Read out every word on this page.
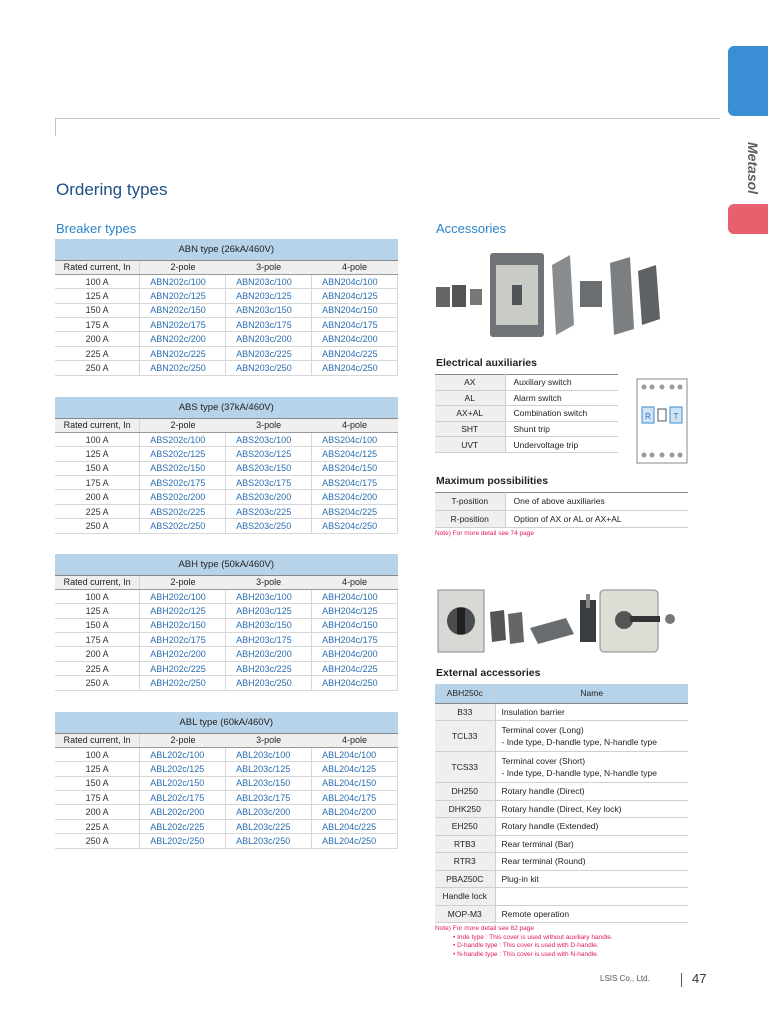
Metasol
Ordering types
Breaker types	Accessories
ABN type (26kA/460V)			
Rated current, In	2-pole	3-pole	4-pole
100 A	ABN202c/100	ABN203c/100	ABN204c/100
125 A	ABN202c/125	ABN203c/125	ABN204c/125
150 A	ABN202c/150	ABN203c/150	ABN204c/150
175 A	ABN202c/175	ABN203c/175	ABN204c/175
200 A	ABN202c/200	ABN203c/200	ABN204c/200
225 A	ABN202c/225	ABN203c/225	ABN204c/225
250 A	ABN202c/250	ABN203c/250	ABN204c/250
ABS type (37kA/460V)			
Rated current, In	2-pole	3-pole	4-pole
100 A	ABS202c/100	ABS203c/100	ABS204c/100
125 A	ABS202c/125	ABS203c/125	ABS204c/125
150 A	ABS202c/150	ABS203c/150	ABS204c/150
175 A	ABS202c/175	ABS203c/175	ABS204c/175
200 A	ABS202c/200	ABS203c/200	ABS204c/200
225 A	ABS202c/225	ABS203c/225	ABS204c/225
250 A	ABS202c/250	ABS203c/250	ABS204c/250
ABH type (50kA/460V)			
Rated current, In	2-pole	3-pole	4-pole
100 A	ABH202c/100	ABH203c/100	ABH204c/100
125 A	ABH202c/125	ABH203c/125	ABH204c/125
150 A	ABH202c/150	ABH203c/150	ABH204c/150
175 A	ABH202c/175	ABH203c/175	ABH204c/175
200 A	ABH202c/200	ABH203c/200	ABH204c/200
225 A	ABH202c/225	ABH203c/225	ABH204c/225
250 A	ABH202c/250	ABH203c/250	ABH204c/250
ABL type (60kA/460V)			
Rated current, In	2-pole	3-pole	4-pole
100 A	ABL202c/100	ABL203c/100	ABL204c/100
125 A	ABL202c/125	ABL203c/125	ABL204c/125
150 A	ABL202c/150	ABL203c/150	ABL204c/150
175 A	ABL202c/175	ABL203c/175	ABL204c/175
200 A	ABL202c/200	ABL203c/200	ABL204c/200
225 A	ABL202c/225	ABL203c/225	ABL204c/225
250 A	ABL202c/250	ABL203c/250	ABL204c/250
Electrical auxiliaries
AX	Auxiliary switch
AL	Alarm switch
AX+AL	Combination switch
SHT	Shunt trip
UVT	Undervoltage trip
R	T
Maximum possibilities
T-position	One of above auxiliaries
R-position	Option of AX or AL or AX+AL
Note) For more detail see 74 page
External accessories
ABH250c	Name
B33	Insulation barrier

TCL33	Terminal cover (Long)
- Inde type, D-handle type, N-handle type

TCS33	Terminal cover (Short)
- Inde type, D-handle type, N-handle type

DH250	Rotary handle (Direct)

DHK250	Rotary handle (Direct, Key lock)

EH250	Rotary handle (Extended)

RTB3	Rear terminal (Bar)

RTR3	Rear terminal (Round)

PBA250C	Plug-in kit

Handle lock	

MOP-M3	Remote operation
Note) For more detail see 82 page
• Inde type : This cover is used without auxiliary handle.
• D-handle type : This cover is used with D-handle.
• N-handle type : This cover is used with N-handle.
LSIS Co., Ltd.	47
